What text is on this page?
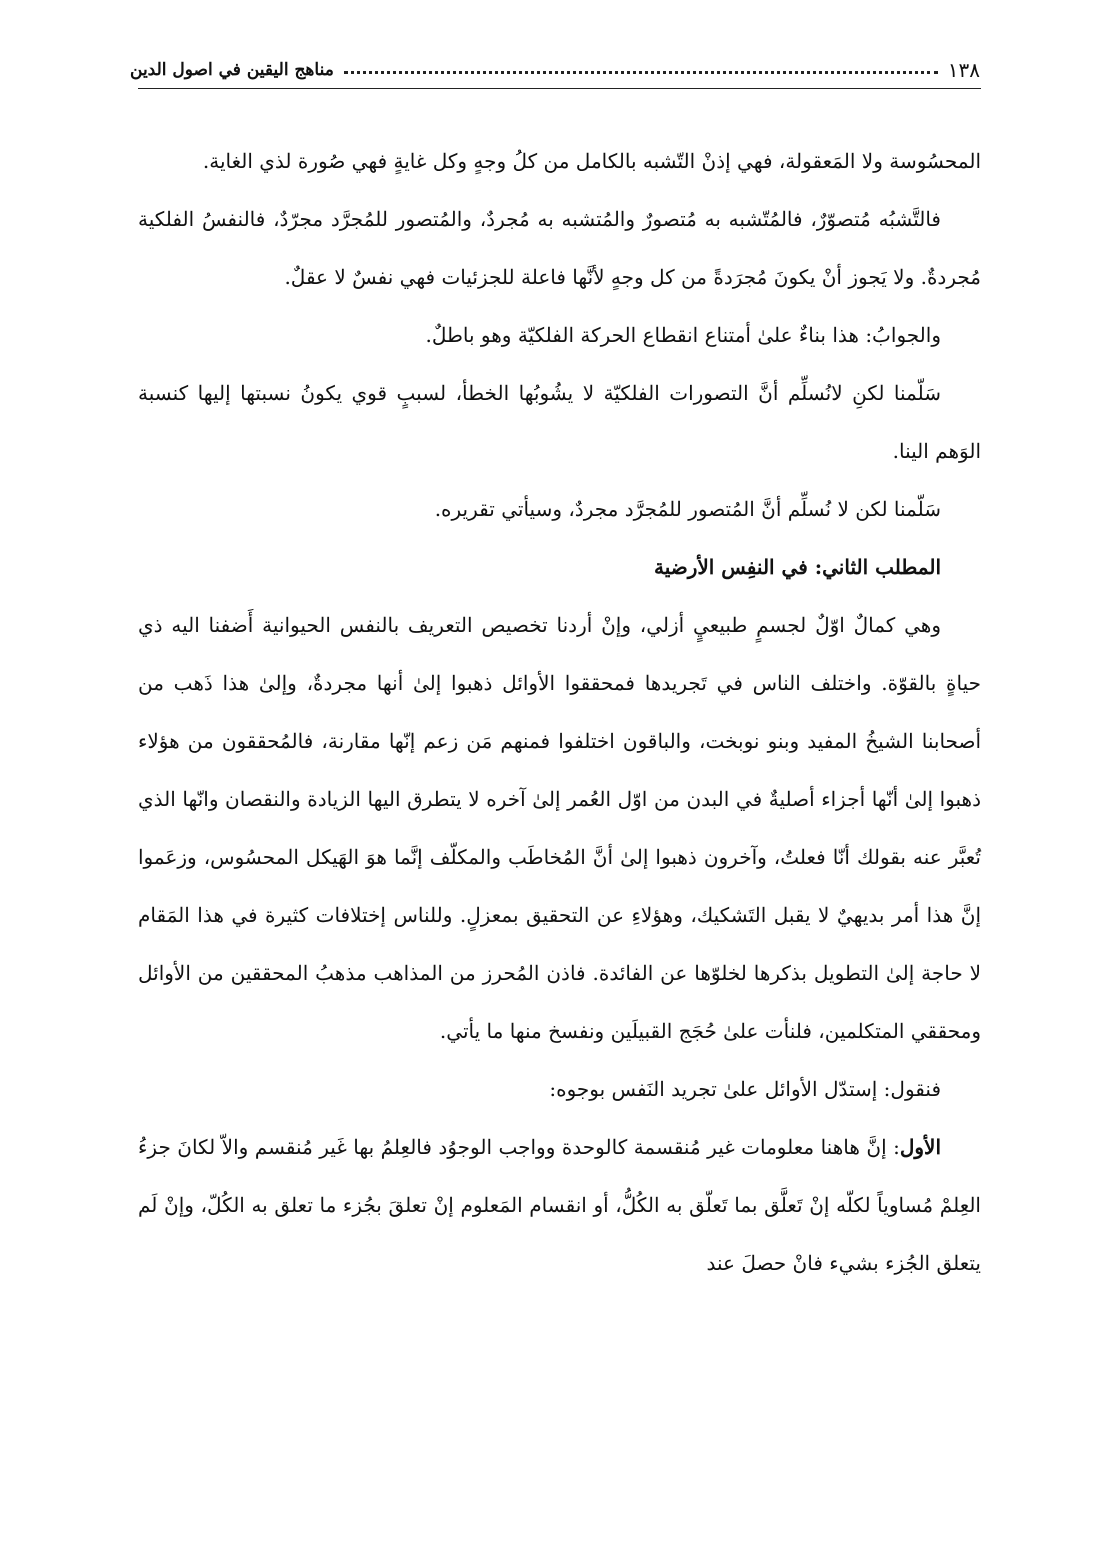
١٣٨
مناهج اليقين في اصول الدين

المحسُوسة ولا المَعقولة، فهي إذنْ التّشبه بالكامل من كلُ وجهٍ وكل غايةٍ فهي صُورة لذي الغاية.

فالتَّشبُه مُتصوّرٌ، فالمُتّشبه به مُتصورٌ والمُتشبه به مُجردٌ، والمُتصور للمُجرَّد مجرّدٌ، فالنفسُ الفلكية مُجردةٌ. ولا يَجوز أنْ يكونَ مُجرَدةً من كل وجهٍ لأنَّها فاعلة للجزئيات فهي نفسٌ لا عقلٌ.

والجوابُ: هذا بناءٌ علىٰ أمتناع انقطاع الحركة الفلكيّة وهو باطلٌ.

سَلّمنا لكنِ لانُسلِّم أنَّ التصورات الفلكيّة لا يشُوبُها الخطأ، لسببٍ قوي يكونُ نسبتها إليها كنسبة الوَهم الينا.

سَلّمنا لكن لا نُسلِّم أنَّ المُتصور للمُجرَّد مجردٌ، وسيأتي تقريره.

المطلب الثاني: في النفِس الأرضية

وهي كمالٌ اوّلٌ لجسمٍ طبيعيٍ أزلي، وإنْ أردنا تخصيص التعريف بالنفس الحيوانية أَضفنا اليه ذي حياةٍ بالقوّة. واختلف الناس في تَجريدها فمحققوا الأوائل ذهبوا إلىٰ أنها مجردةٌ، وإلىٰ هذا ذَهب من أصحابنا الشيخُ المفيد وبنو نوبخت، والباقون اختلفوا فمنهم مَن زعم إنّها مقارنة، فالمُحققون من هؤلاء ذهبوا إلىٰ أنّها أجزاء أصليةٌ في البدن من اوّل العُمر إلىٰ آخره لا يتطرق اليها الزيادة والنقصان وانّها الذي تُعبَّر عنه بقولك أنّا فعلتُ، وآخرون ذهبوا إلىٰ أنَّ المُخاطَب والمكلّف إنَّما هوَ الهَيكل المحسُوس، وزعَموا إنَّ هذا أمر بديهيٌ لا يقبل التَشكيك، وهؤلاءِ عن التحقيق بمعزلٍ. وللناس إختلافات كثيرة في هذا المَقام لا حاجة إلىٰ التطويل بذكرها لخلوّها عن الفائدة. فاذن المُحرز من المذاهب مذهبُ المحققين من الأوائل ومحققي المتكلمين، فلنأت علىٰ حُجَج القبيلَين ونفسخ منها ما يأتي.

فنقول: إستدّل الأوائل علىٰ تجريد النَفس بوجوه:

الأول: إنَّ هاهنا معلومات غير مُنقسمة كالوحدة وواجب الوجوُد فالعِلمُ بها غَير مُنقسم والاّ لكانَ جزءُ العِلمْ مُساوياً لكلّه إنْ تَعلَّق بما تَعلّق به الكُلُّ، أو انقسام المَعلوم إنْ تعلقَ بجُزء ما تعلق به الكُلّ، وإنْ لَم يتعلق الجُزء بشيء فانْ حصلَ عند
